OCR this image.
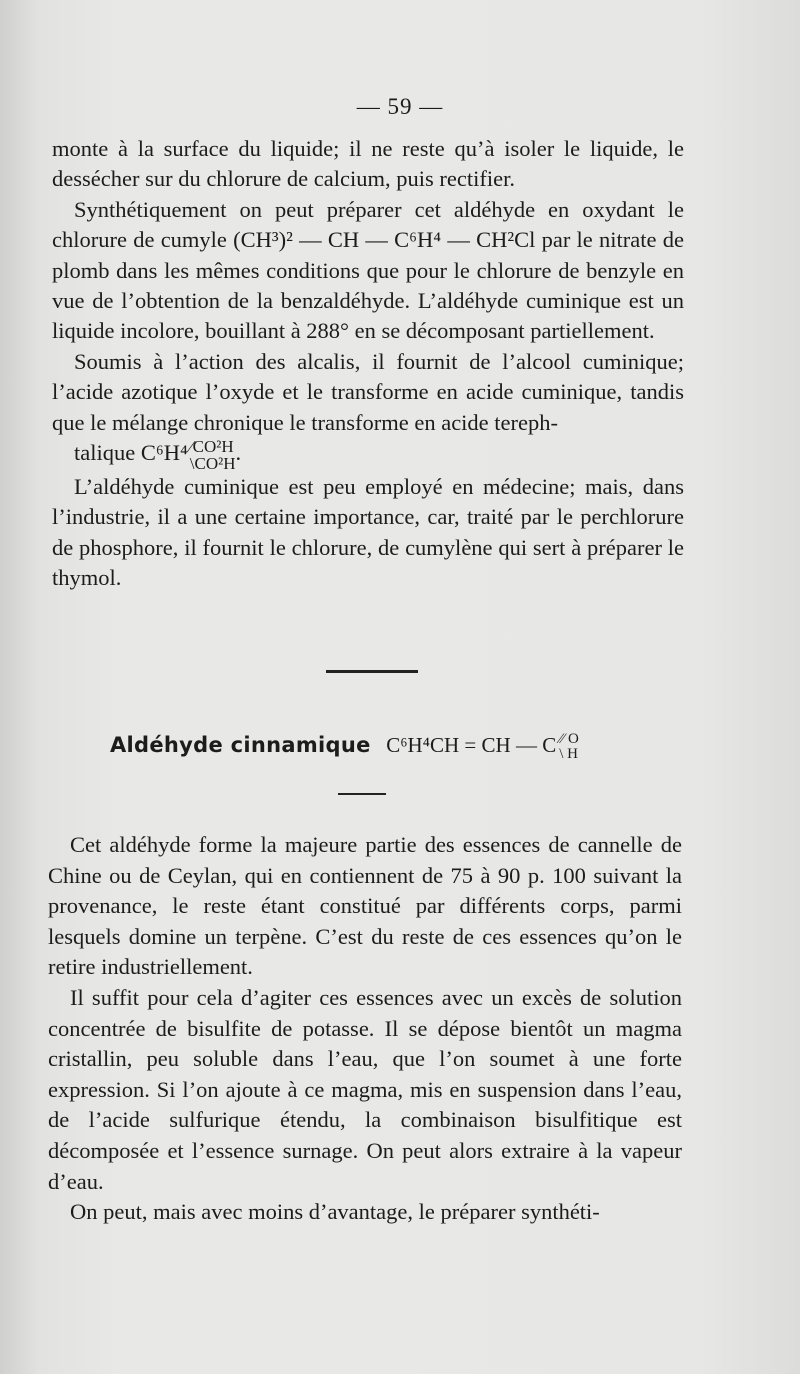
— 59 —

monte à la surface du liquide; il ne reste qu’à isoler le liquide, le dessécher sur du chlorure de calcium, puis rectifier.

Synthétiquement on peut préparer cet aldéhyde en oxydant le chlorure de cumyle (CH³)² — CH — C⁶H⁴ — CH²Cl par le nitrate de plomb dans les mêmes conditions que pour le chlorure de benzyle en vue de l’obtention de la benzaldéhyde. L’aldéhyde cuminique est un liquide incolore, bouillant à 288° en se décomposant partiellement.

Soumis à l’action des alcalis, il fournit de l’alcool cuminique; l’acide azotique l’oxyde et le transforme en acide cuminique, tandis que le mélange chronique le transforme en acide tereph-

talique C⁶H⁴ ⁄CO²H
\CO²H .

L’aldéhyde cuminique est peu employé en médecine; mais, dans l’industrie, il a une certaine importance, car, traité par le perchlorure de phosphore, il fournit le chlorure, de cumylène qui sert à préparer le thymol.

Aldéhyde cinnamique C⁶H⁴CH = CH — C ⁄⁄ O
\ H

Cet aldéhyde forme la majeure partie des essences de cannelle de Chine ou de Ceylan, qui en contiennent de 75 à 90 p. 100 suivant la provenance, le reste étant constitué par différents corps, parmi lesquels domine un terpène. C’est du reste de ces essences qu’on le retire industriellement.

Il suffit pour cela d’agiter ces essences avec un excès de solution concentrée de bisulfite de potasse. Il se dépose bientôt un magma cristallin, peu soluble dans l’eau, que l’on soumet à une forte expression. Si l’on ajoute à ce magma, mis en suspension dans l’eau, de l’acide sulfurique étendu, la combinaison bisulfitique est décomposée et l’essence surnage. On peut alors extraire à la vapeur d’eau.

On peut, mais avec moins d’avantage, le préparer synthéti-
